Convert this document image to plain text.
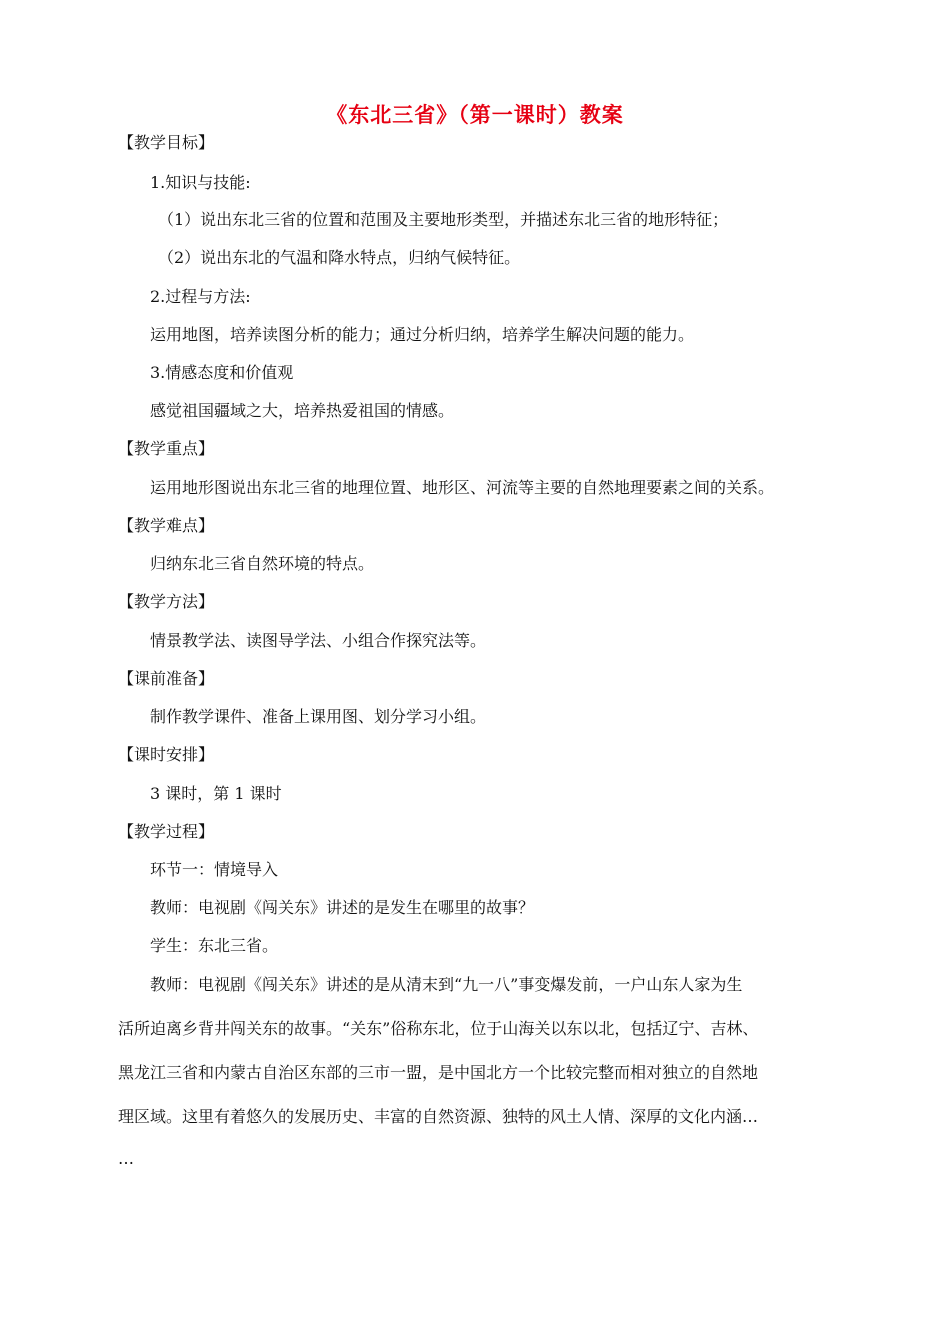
《东北三省》（第一课时）教案
【教学目标】
1.知识与技能:
（1）说出东北三省的位置和范围及主要地形类型，并描述东北三省的地形特征；
（2）说出东北的气温和降水特点，归纳气候特征。
2.过程与方法:
运用地图，培养读图分析的能力；通过分析归纳，培养学生解决问题的能力。
3.情感态度和价值观
感觉祖国疆域之大，培养热爱祖国的情感。
【教学重点】
运用地形图说出东北三省的地理位置、地形区、河流等主要的自然地理要素之间的关系。
【教学难点】
归纳东北三省自然环境的特点。
【教学方法】
情景教学法、读图导学法、小组合作探究法等。
【课前准备】
制作教学课件、准备上课用图、划分学习小组。
【课时安排】
3 课时，第 1 课时
【教学过程】
环节一：情境导入
教师：电视剧《闯关东》讲述的是发生在哪里的故事？
学生：东北三省。
教师：电视剧《闯关东》讲述的是从清末到“九一八”事变爆发前，一户山东人家为生
活所迫离乡背井闯关东的故事。“关东”俗称东北，位于山海关以东以北，包括辽宁、吉林、
黑龙江三省和内蒙古自治区东部的三市一盟，是中国北方一个比较完整而相对独立的自然地
理区域。这里有着悠久的发展历史、丰富的自然资源、独特的风土人情、深厚的文化内涵…
…
